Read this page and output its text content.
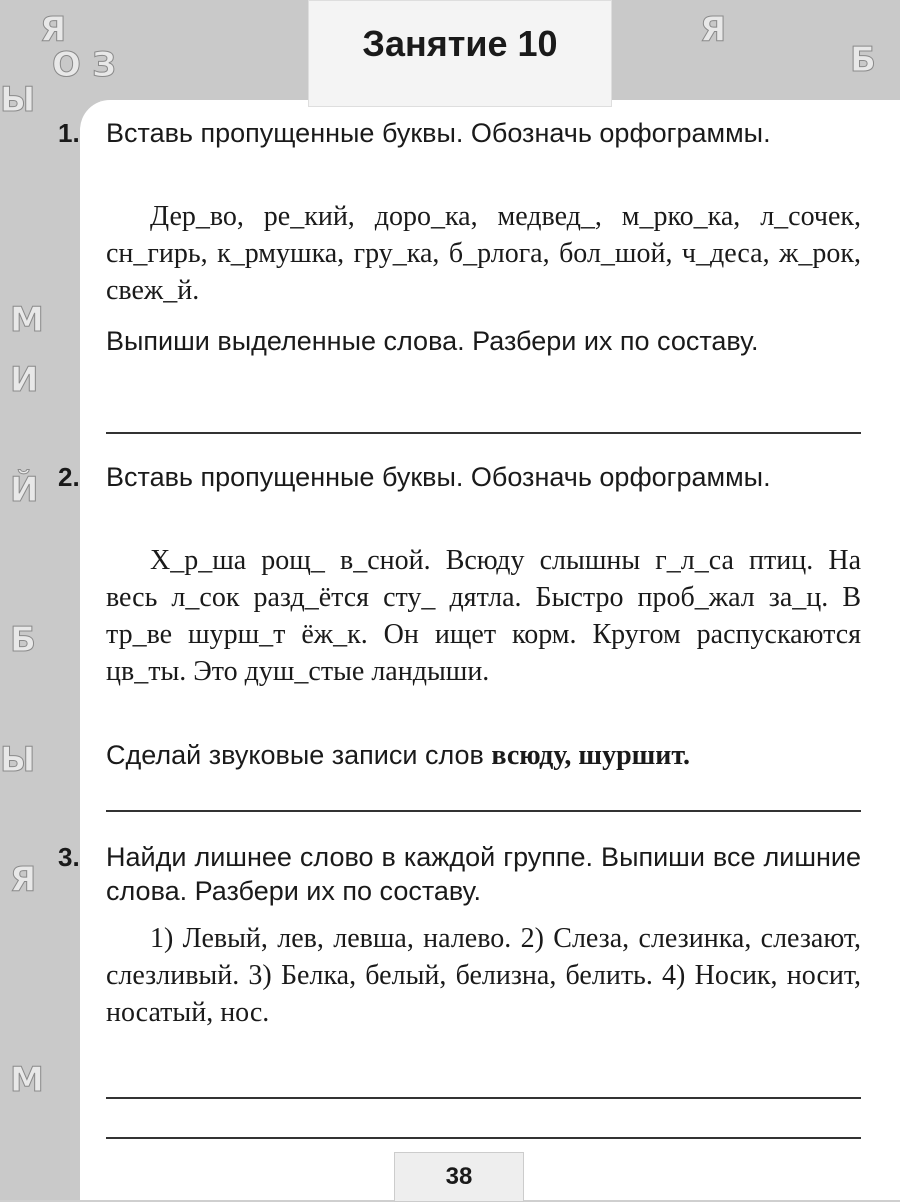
Я
О З
Ы
М
И
Й
Б
Ы
Я
М
Я
Б
Занятие 10
1. Вставь пропущенные буквы. Обозначь орфограммы.
Дер_во, ре_кий, доро_ка, медвед_, м_рко_ка, л_сочек, сн_гирь, к_рмушка, гру_ка, б_рлога, бол_шой, ч_деса, ж_рок, свеж_й.
Выпиши выделенные слова. Разбери их по составу.
2. Вставь пропущенные буквы. Обозначь орфограммы.
Х_р_ша рощ_ в_сной. Всюду слышны г_л_са птиц. На весь л_сок разд_ётся сту_ дятла. Быстро проб_жал за_ц. В тр_ве шурш_т ёж_к. Он ищет корм. Кругом распускаются цв_ты. Это душ_стые ландыши.
Сделай звуковые записи слов всюду, шуршит.
3. Найди лишнее слово в каждой группе. Выпиши все лишние слова. Разбери их по составу.
1) Левый, лев, левша, налево. 2) Слеза, слезинка, слезают, слезливый. 3) Белка, белый, белизна, белить. 4) Носик, носит, носатый, нос.
38
